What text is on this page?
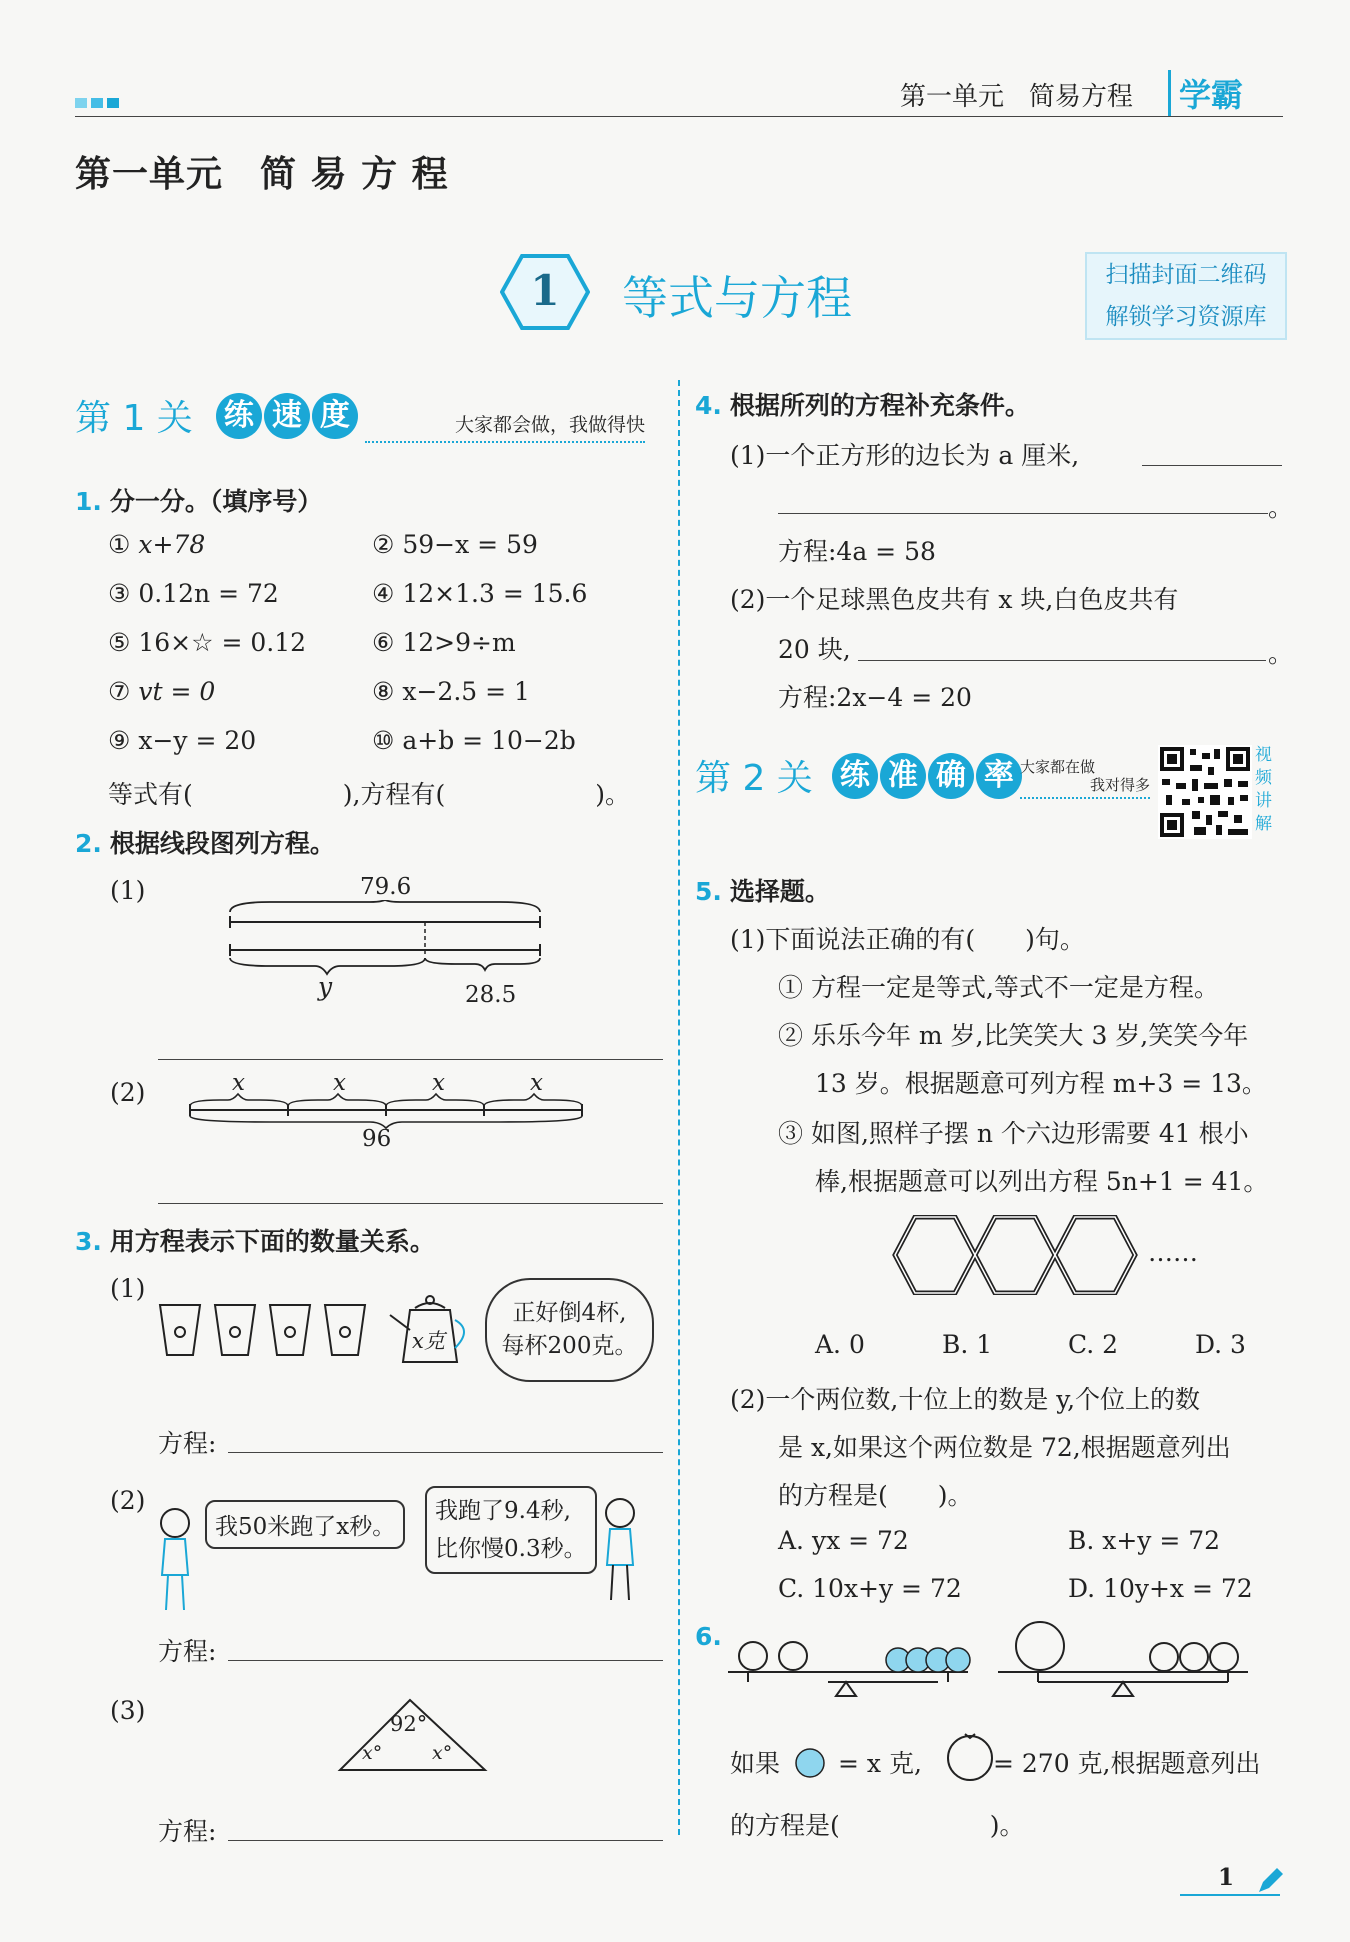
第一单元 简易方程	学霸
第一单元　简 易 方 程
1	等式与方程	扫描封面二维码
解锁学习资源库
第 1 关 练 速 度	大家都会做，我做得快
1. 分一分。（填序号）
① x+78	② 59−x = 59
③ 0.12n = 72	④ 12×1.3 = 15.6
⑤ 16×☆ = 0.12	⑥ 12>9÷m
⑦ vt = 0	⑧ x−2.5 = 1
⑨ x−y = 20	⑩ a+b = 10−2b
等式有(　　　　　　),方程有(　　　　　　)。
2. 根据线段图列方程。
(1)	79.6
y	28.5
(2)	x	x	x	x
96
3. 用方程表示下面的数量关系。
(1)
x克
正好倒4杯,
每杯200克。
方程:
(2)
我50米跑了x秒。
我跑了9.4秒,
比你慢0.3秒。
方程:
(3)	92°
x°	x°
方程:
4. 根据所列的方程补充条件。
(1)一个正方形的边长为 a 厘米,
。
方程:4a = 58
(2)一个足球黑色皮共有 x 块,白色皮共有
20 块,	。
方程:2x−4 = 20
第 2 关 练 准 确 率 大家都在做
我对得多
视
频
讲
解
5. 选择题。
(1)下面说法正确的有(　　)句。
① 方程一定是等式,等式不一定是方程。
② 乐乐今年 m 岁,比笑笑大 3 岁,笑笑今年
13 岁。根据题意可列方程 m+3 = 13。
③ 如图,照样子摆 n 个六边形需要 41 根小
棒,根据题意可以列出方程 5n+1 = 41。
……
A. 0	B. 1	C. 2	D. 3
(2)一个两位数,十位上的数是 y,个位上的数
是 x,如果这个两位数是 72,根据题意列出
的方程是(　　)。
A. yx = 72	B. x+y = 72
C. 10x+y = 72	D. 10y+x = 72
6.
如果 = x 克,	= 270 克,根据题意列出
的方程是(　　　　　　)。
1
